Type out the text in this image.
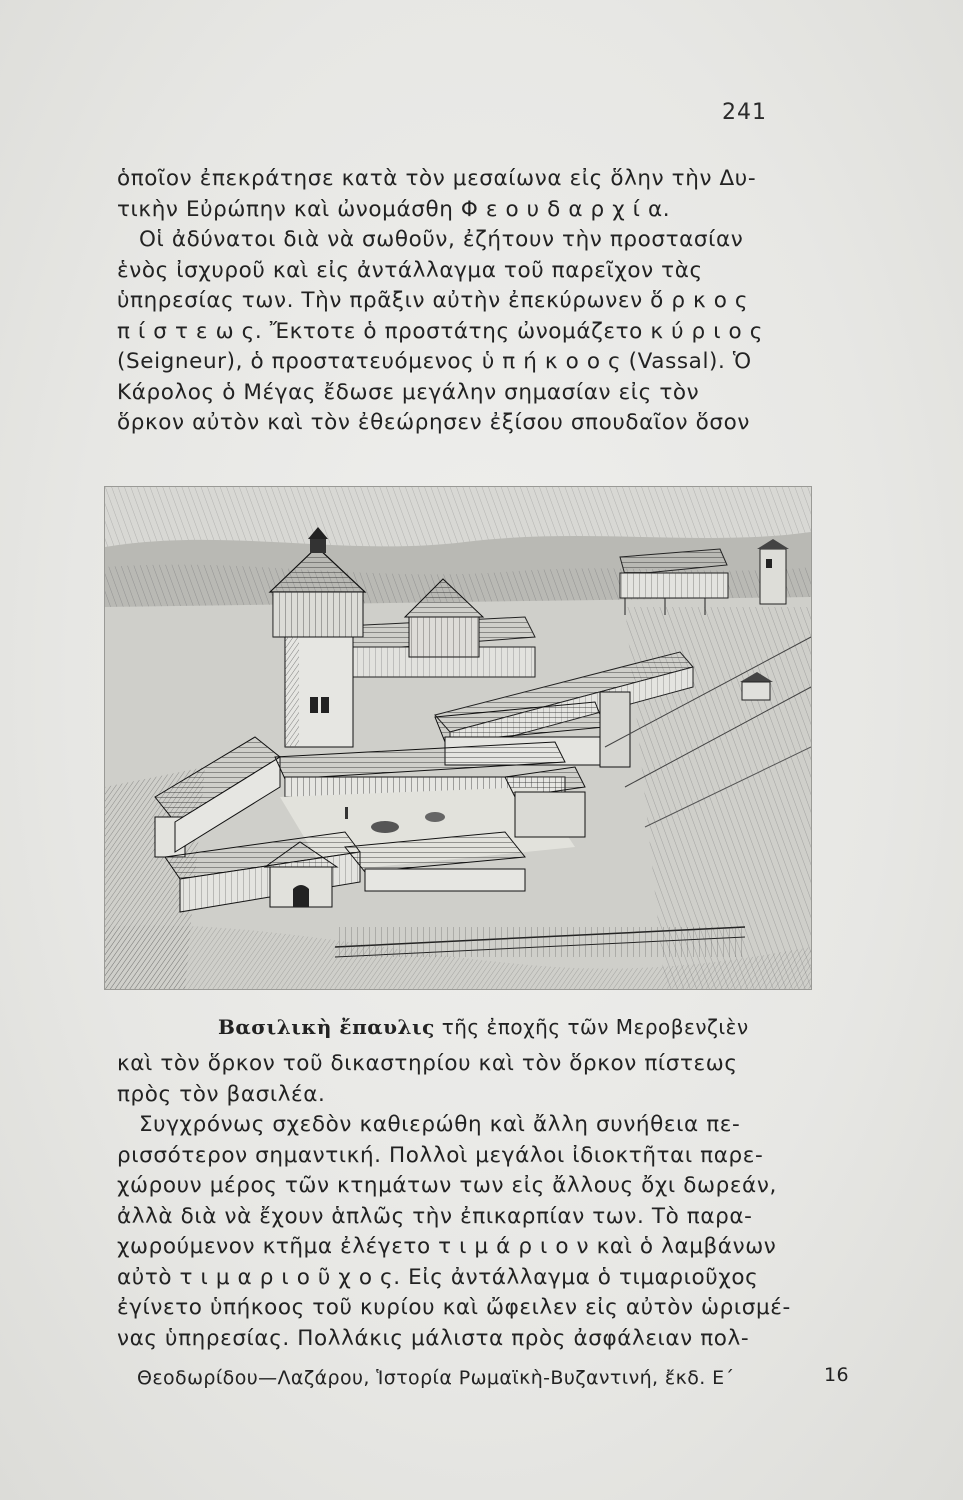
241
ὁποῖον ἐπεκράτησε κατὰ τὸν μεσαίωνα εἰς ὅλην τὴν Δυ-
τικὴν Εὐρώπην καὶ ὠνομάσθη Φ ε ο υ δ α ρ χ ί α.
Οἱ ἀδύνατοι διὰ νὰ σωθοῦν, ἐζήτουν τὴν προστασίαν
ἑνὸς ἰσχυροῦ καὶ εἰς ἀντάλλαγμα τοῦ παρεῖχον τὰς
ὑπηρεσίας των. Τὴν πρᾶξιν αὐτὴν ἐπεκύρωνεν ὅ ρ κ ο ς
π ί σ τ ε ω ς. Ἔκτοτε ὁ προστάτης ὠνομάζετο κ ύ ρ ι ο ς
(Seigneur), ὁ προστατευόμενος ὑ π ή κ ο ο ς (Vassal). Ὁ
Κάρολος ὁ Μέγας ἔδωσε μεγάλην σημασίαν εἰς τὸν
ὅρκον αὐτὸν καὶ τὸν ἐθεώρησεν ἐξίσου σπουδαῖον ὅσον
Βασιλικὴ ἔπαυλις τῆς ἐποχῆς τῶν Μεροβενζιὲν
καὶ τὸν ὅρκον τοῦ δικαστηρίου καὶ τὸν ὅρκον πίστεως
πρὸς τὸν βασιλέα.
Συγχρόνως σχεδὸν καθιερώθη καὶ ἄλλη συνήθεια πε-
ρισσότερον σημαντική. Πολλοὶ μεγάλοι ἰδιοκτῆται παρε-
χώρουν μέρος τῶν κτημάτων των εἰς ἄλλους ὄχι δωρεάν,
ἀλλὰ διὰ νὰ ἔχουν ἁπλῶς τὴν ἐπικαρπίαν των. Τὸ παρα-
χωρούμενον κτῆμα ἐλέγετο τ ι μ ά ρ ι ο ν καὶ ὁ λαμβάνων
αὐτὸ τ ι μ α ρ ι ο ῦ χ ο ς. Εἰς ἀντάλλαγμα ὁ τιμαριοῦχος
ἐγίνετο ὑπήκοος τοῦ κυρίου καὶ ὤφειλεν εἰς αὐτὸν ὡρισμέ-
νας ὑπηρεσίας. Πολλάκις μάλιστα πρὸς ἀσφάλειαν πολ-
Θεοδωρίδου—Λαζάρου, Ἱστορία Ρωμαϊκὴ-Βυζαντινή, ἔκδ. Ε΄	16
